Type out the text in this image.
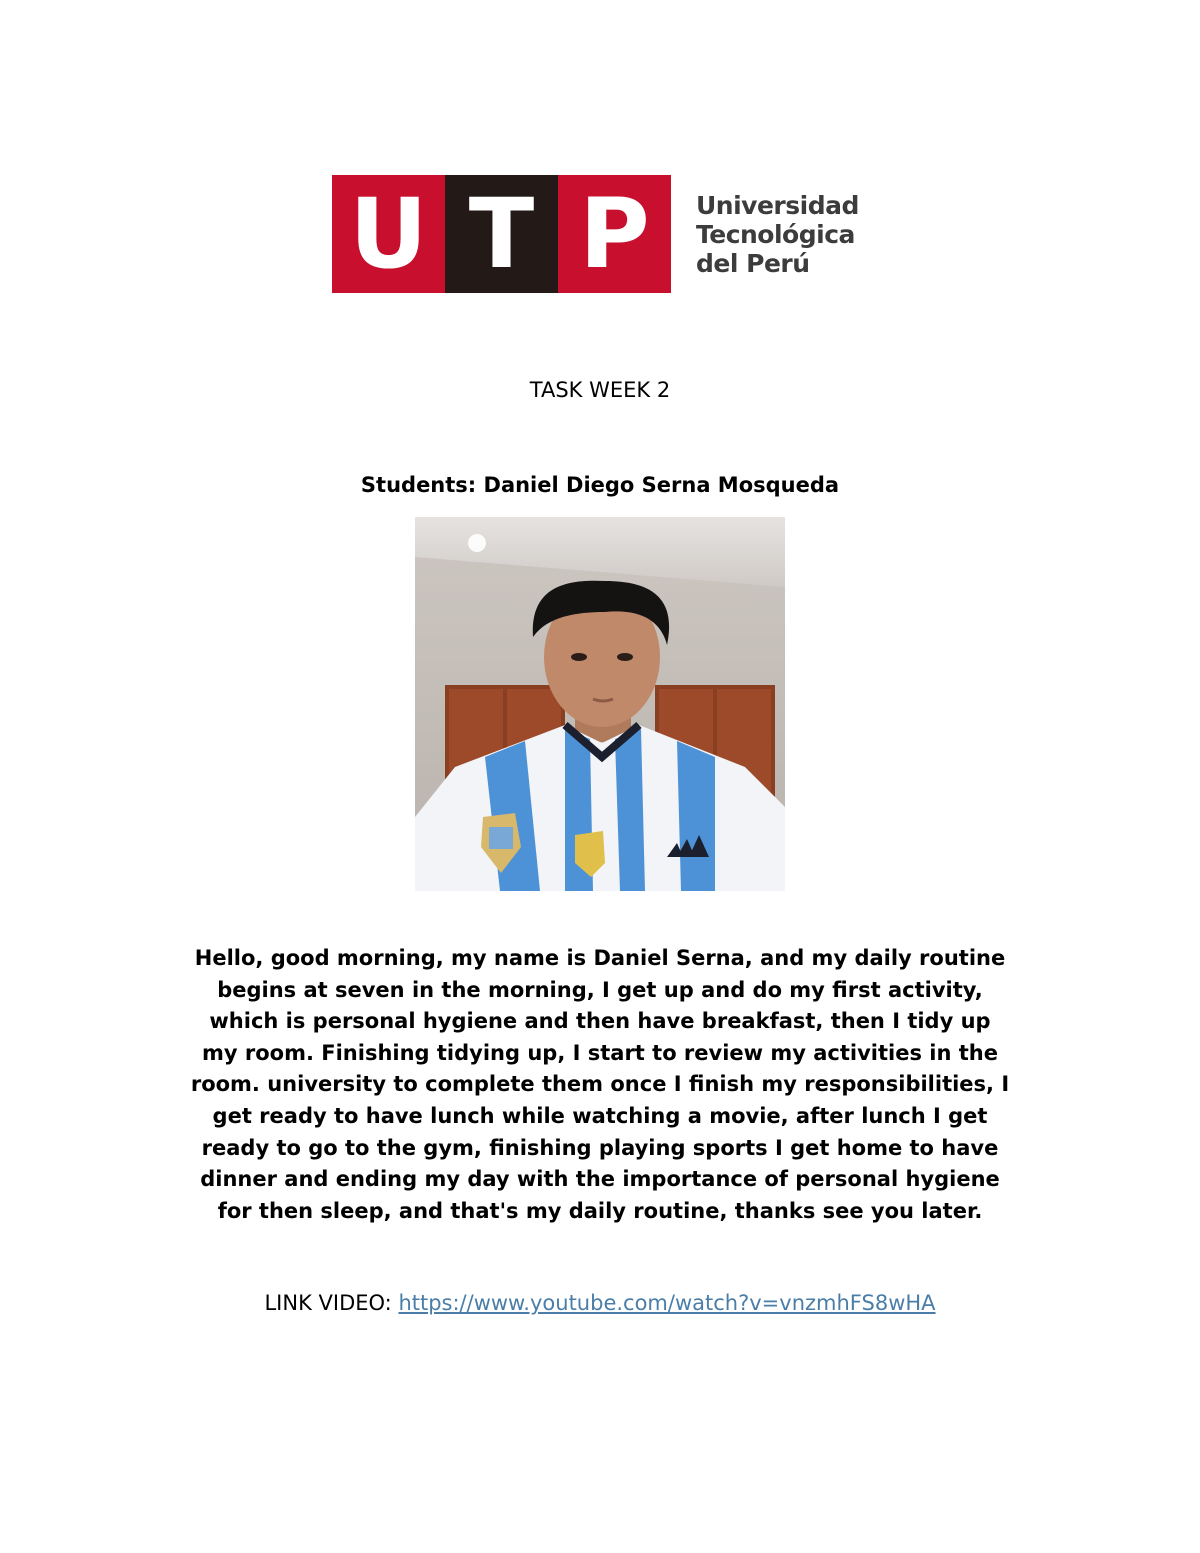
U T P	Universidad
Tecnológica
del Perú
TASK WEEK 2
Students: Daniel Diego Serna Mosqueda
Hello, good morning, my name is Daniel Serna, and my daily routine
begins at seven in the morning, I get up and do my first activity,
which is personal hygiene and then have breakfast, then I tidy up
my room. Finishing tidying up, I start to review my activities in the
room. university to complete them once I finish my responsibilities, I
get ready to have lunch while watching a movie, after lunch I get
ready to go to the gym, finishing playing sports I get home to have
dinner and ending my day with the importance of personal hygiene
for then sleep, and that's my daily routine, thanks see you later.
LINK VIDEO: https://www.youtube.com/watch?v=vnzmhFS8wHA
